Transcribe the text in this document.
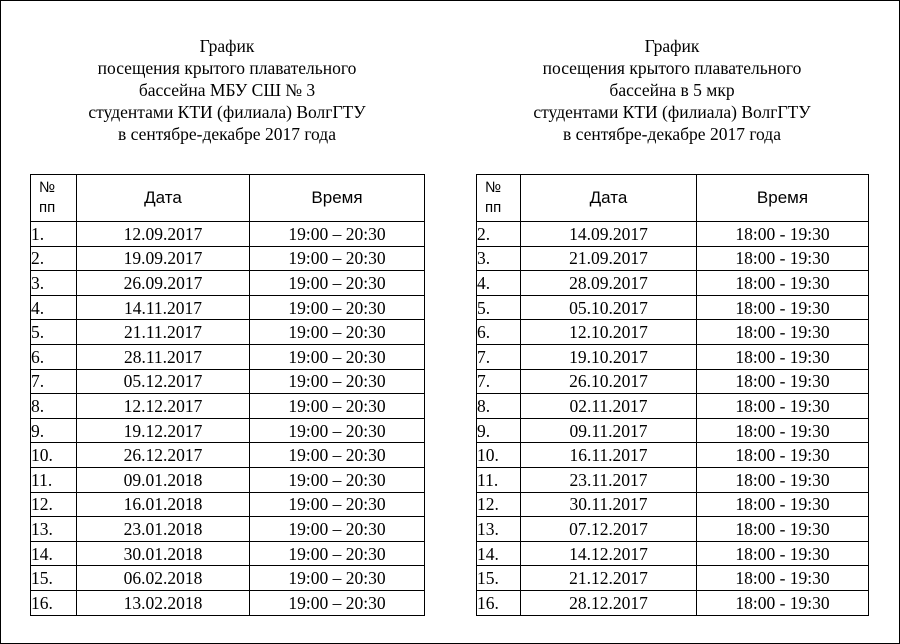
График
посещения крытого плавательного
бассейна МБУ СШ № 3
студентами КТИ (филиала) ВолгГТУ
в сентябре-декабре 2017 года
№
пп	Дата	Время
1.	12.09.2017	19:00 – 20:30
2.	19.09.2017	19:00 – 20:30
3.	26.09.2017	19:00 – 20:30
4.	14.11.2017	19:00 – 20:30
5.	21.11.2017	19:00 – 20:30
6.	28.11.2017	19:00 – 20:30
7.	05.12.2017	19:00 – 20:30
8.	12.12.2017	19:00 – 20:30
9.	19.12.2017	19:00 – 20:30
10.	26.12.2017	19:00 – 20:30
11.	09.01.2018	19:00 – 20:30
12.	16.01.2018	19:00 – 20:30
13.	23.01.2018	19:00 – 20:30
14.	30.01.2018	19:00 – 20:30
15.	06.02.2018	19:00 – 20:30
16.	13.02.2018	19:00 – 20:30
График
посещения крытого плавательного
бассейна в 5 мкр
студентами КТИ (филиала) ВолгГТУ
в сентябре-декабре 2017 года
№
пп	Дата	Время
2.	14.09.2017	18:00 - 19:30
3.	21.09.2017	18:00 - 19:30
4.	28.09.2017	18:00 - 19:30
5.	05.10.2017	18:00 - 19:30
6.	12.10.2017	18:00 - 19:30
7.	19.10.2017	18:00 - 19:30
7.	26.10.2017	18:00 - 19:30
8.	02.11.2017	18:00 - 19:30
9.	09.11.2017	18:00 - 19:30
10.	16.11.2017	18:00 - 19:30
11.	23.11.2017	18:00 - 19:30
12.	30.11.2017	18:00 - 19:30
13.	07.12.2017	18:00 - 19:30
14.	14.12.2017	18:00 - 19:30
15.	21.12.2017	18:00 - 19:30
16.	28.12.2017	18:00 - 19:30
